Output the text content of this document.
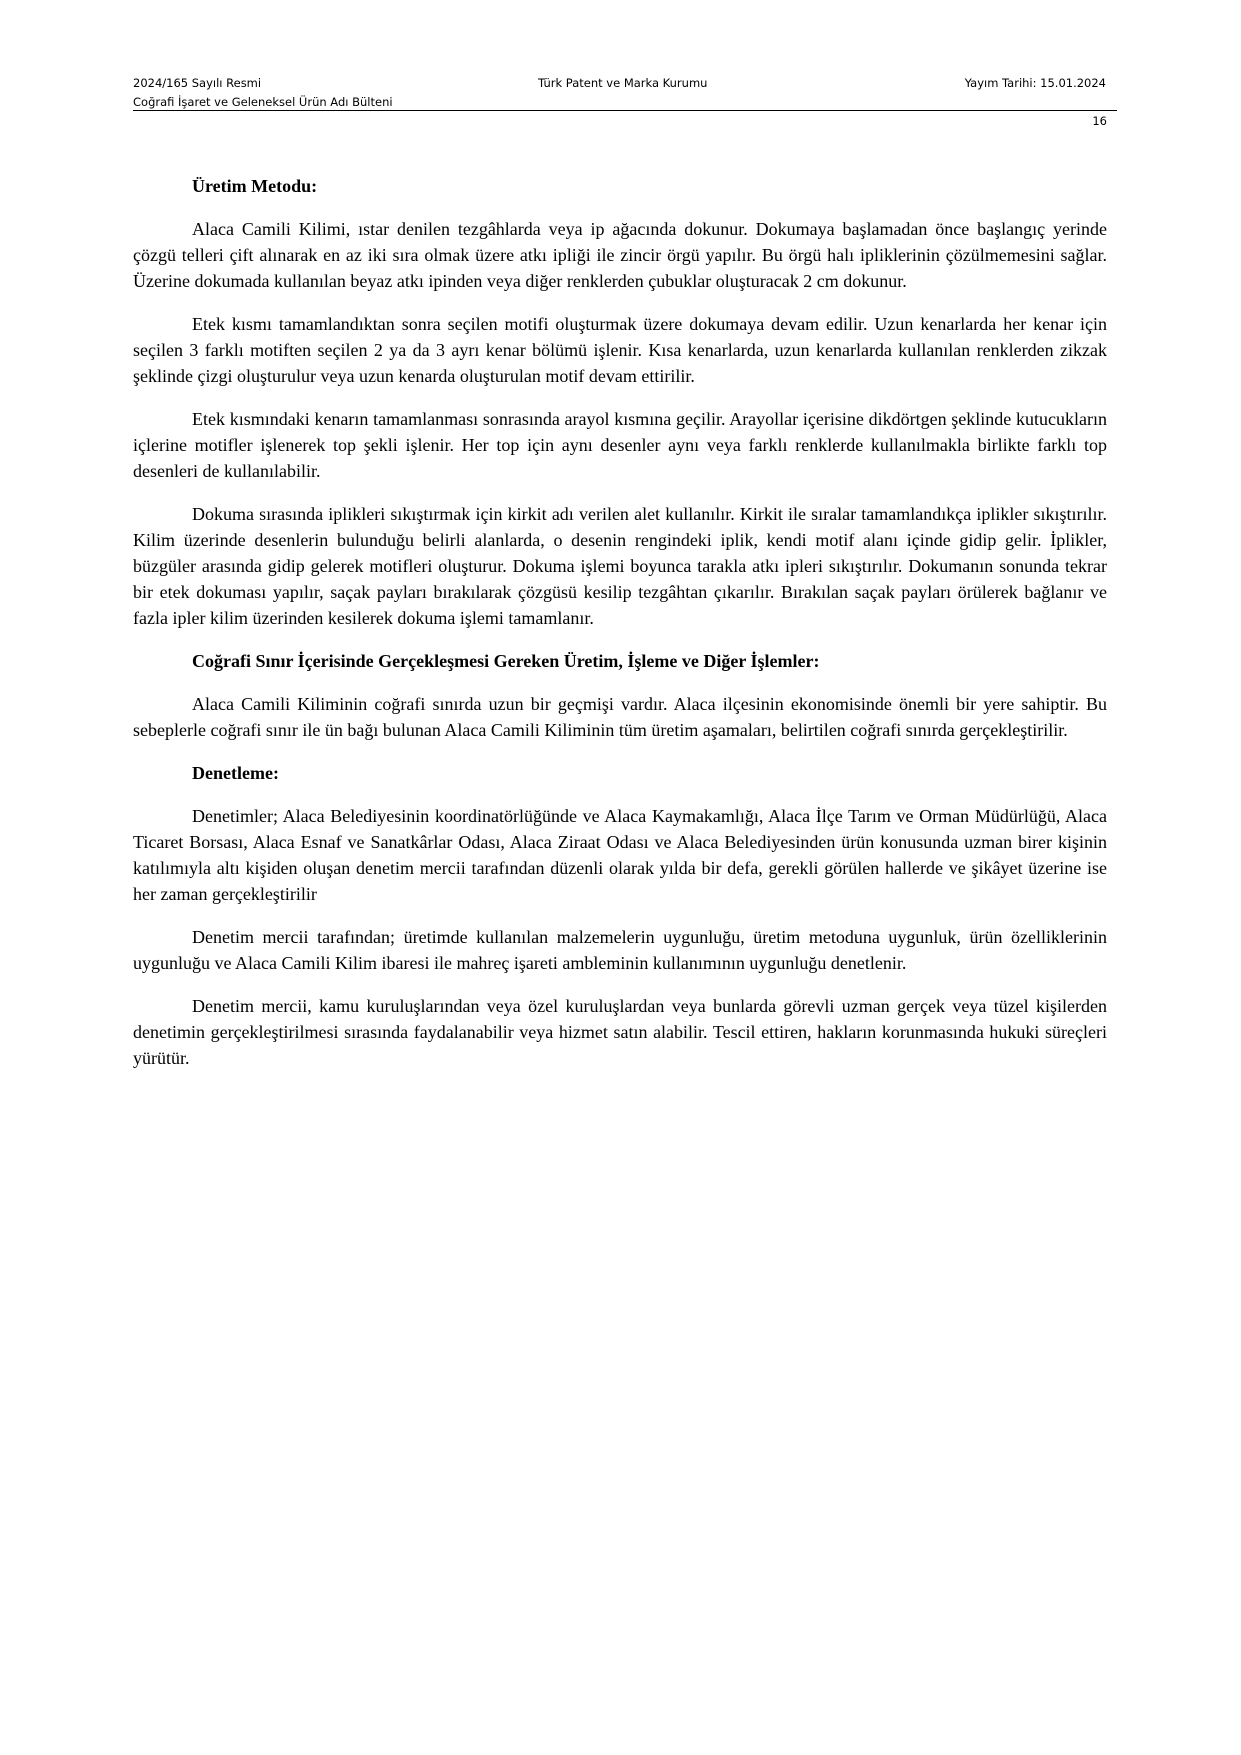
2024/165 Sayılı Resmi
Coğrafi İşaret ve Geleneksel Ürün Adı Bülteni
Türk Patent ve Marka Kurumu	Yayım Tarihi: 15.01.2024
16
Üretim Metodu:

Alaca Camili Kilimi, ıstar denilen tezgâhlarda veya ip ağacında dokunur. Dokumaya başlamadan önce başlangıç yerinde çözgü telleri çift alınarak en az iki sıra olmak üzere atkı ipliği ile zincir örgü yapılır. Bu örgü halı ipliklerinin çözülmemesini sağlar. Üzerine dokumada kullanılan beyaz atkı ipinden veya diğer renklerden çubuklar oluşturacak 2 cm dokunur.

Etek kısmı tamamlandıktan sonra seçilen motifi oluşturmak üzere dokumaya devam edilir. Uzun kenarlarda her kenar için seçilen 3 farklı motiften seçilen 2 ya da 3 ayrı kenar bölümü işlenir. Kısa kenarlarda, uzun kenarlarda kullanılan renklerden zikzak şeklinde çizgi oluşturulur veya uzun kenarda oluşturulan motif devam ettirilir.

Etek kısmındaki kenarın tamamlanması sonrasında arayol kısmına geçilir. Arayollar içerisine dikdörtgen şeklinde kutucukların içlerine motifler işlenerek top şekli işlenir. Her top için aynı desenler aynı veya farklı renklerde kullanılmakla birlikte farklı top desenleri de kullanılabilir.

Dokuma sırasında iplikleri sıkıştırmak için kirkit adı verilen alet kullanılır. Kirkit ile sıralar tamamlandıkça iplikler sıkıştırılır. Kilim üzerinde desenlerin bulunduğu belirli alanlarda, o desenin rengindeki iplik, kendi motif alanı içinde gidip gelir. İplikler, büzgüler arasında gidip gelerek motifleri oluşturur. Dokuma işlemi boyunca tarakla atkı ipleri sıkıştırılır. Dokumanın sonunda tekrar bir etek dokuması yapılır, saçak payları bırakılarak çözgüsü kesilip tezgâhtan çıkarılır. Bırakılan saçak payları örülerek bağlanır ve fazla ipler kilim üzerinden kesilerek dokuma işlemi tamamlanır.

Coğrafi Sınır İçerisinde Gerçekleşmesi Gereken Üretim, İşleme ve Diğer İşlemler:

Alaca Camili Kiliminin coğrafi sınırda uzun bir geçmişi vardır. Alaca ilçesinin ekonomisinde önemli bir yere sahiptir. Bu sebeplerle coğrafi sınır ile ün bağı bulunan Alaca Camili Kiliminin tüm üretim aşamaları, belirtilen coğrafi sınırda gerçekleştirilir.

Denetleme:

Denetimler; Alaca Belediyesinin koordinatörlüğünde ve Alaca Kaymakamlığı, Alaca İlçe Tarım ve Orman Müdürlüğü, Alaca Ticaret Borsası, Alaca Esnaf ve Sanatkârlar Odası, Alaca Ziraat Odası ve Alaca Belediyesinden ürün konusunda uzman birer kişinin katılımıyla altı kişiden oluşan denetim mercii tarafından düzenli olarak yılda bir defa, gerekli görülen hallerde ve şikâyet üzerine ise her zaman gerçekleştirilir

Denetim mercii tarafından; üretimde kullanılan malzemelerin uygunluğu, üretim metoduna uygunluk, ürün özelliklerinin uygunluğu ve Alaca Camili Kilim ibaresi ile mahreç işareti ambleminin kullanımının uygunluğu denetlenir.

Denetim mercii, kamu kuruluşlarından veya özel kuruluşlardan veya bunlarda görevli uzman gerçek veya tüzel kişilerden denetimin gerçekleştirilmesi sırasında faydalanabilir veya hizmet satın alabilir. Tescil ettiren, hakların korunmasında hukuki süreçleri yürütür.
